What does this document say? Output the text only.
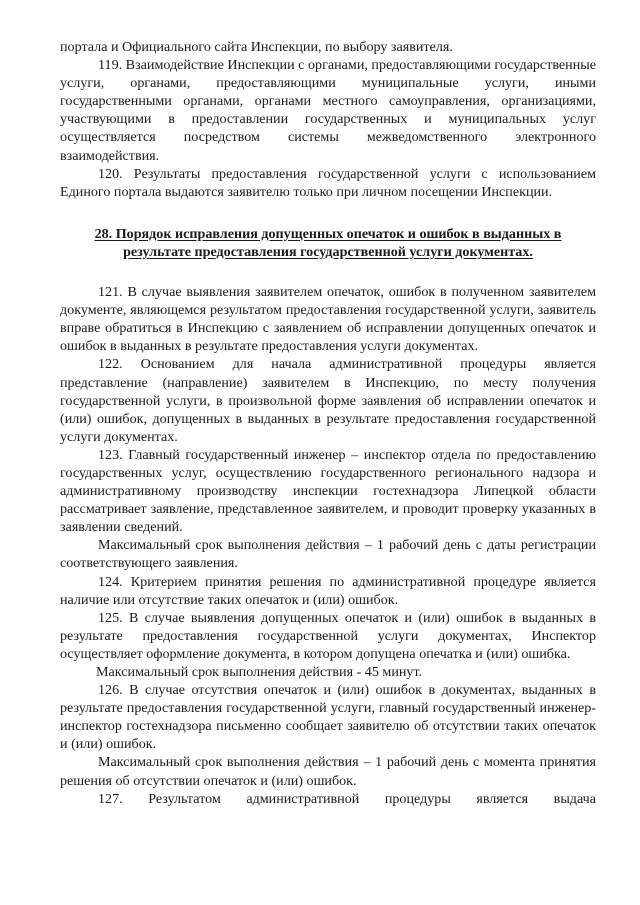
портала и Официального сайта Инспекции, по выбору заявителя.

119. Взаимодействие Инспекции с органами, предоставляющими государственные услуги, органами, предоставляющими муниципальные услуги, иными государственными органами, органами местного самоуправления, организациями, участвующими в предоставлении государственных и муниципальных услуг осуществляется посредством системы межведомственного электронного взаимодействия.

120. Результаты предоставления государственной услуги с использованием Единого портала выдаются заявителю только при личном посещении Инспекции.

28. Порядок исправления допущенных опечаток и ошибок в выданных в результате предоставления государственной услуги документах.

121. В случае выявления заявителем опечаток, ошибок в полученном заявителем документе, являющемся результатом предоставления государственной услуги, заявитель вправе обратиться в Инспекцию с заявлением об исправлении допущенных опечаток и ошибок в выданных в результате предоставления услуги документах.

122. Основанием для начала административной процедуры является представление (направление) заявителем в Инспекцию, по месту получения государственной услуги, в произвольной форме заявления об исправлении опечаток и (или) ошибок, допущенных в выданных в результате предоставления государственной услуги документах.

123. Главный государственный инженер – инспектор отдела по предоставлению государственных услуг, осуществлению государственного регионального надзора и административному производству инспекции гостехнадзора Липецкой области рассматривает заявление, представленное заявителем, и проводит проверку указанных в заявлении сведений.

Максимальный срок выполнения действия – 1 рабочий день с даты регистрации соответствующего заявления.

124. Критерием принятия решения по административной процедуре является наличие или отсутствие таких опечаток и (или) ошибок.

125. В случае выявления допущенных опечаток и (или) ошибок в выданных в результате предоставления государственной услуги документах, Инспектор осуществляет оформление документа, в котором допущена опечатка и (или) ошибка.

Максимальный срок выполнения действия - 45 минут.

126. В случае отсутствия опечаток и (или) ошибок в документах, выданных в результате предоставления государственной услуги, главный государственный инженер-инспектор гостехнадзора письменно сообщает заявителю об отсутствии таких опечаток и (или) ошибок.

Максимальный срок выполнения действия – 1 рабочий день с момента принятия решения об отсутствии опечаток и (или) ошибок.

127. Результатом административной процедуры является выдача
